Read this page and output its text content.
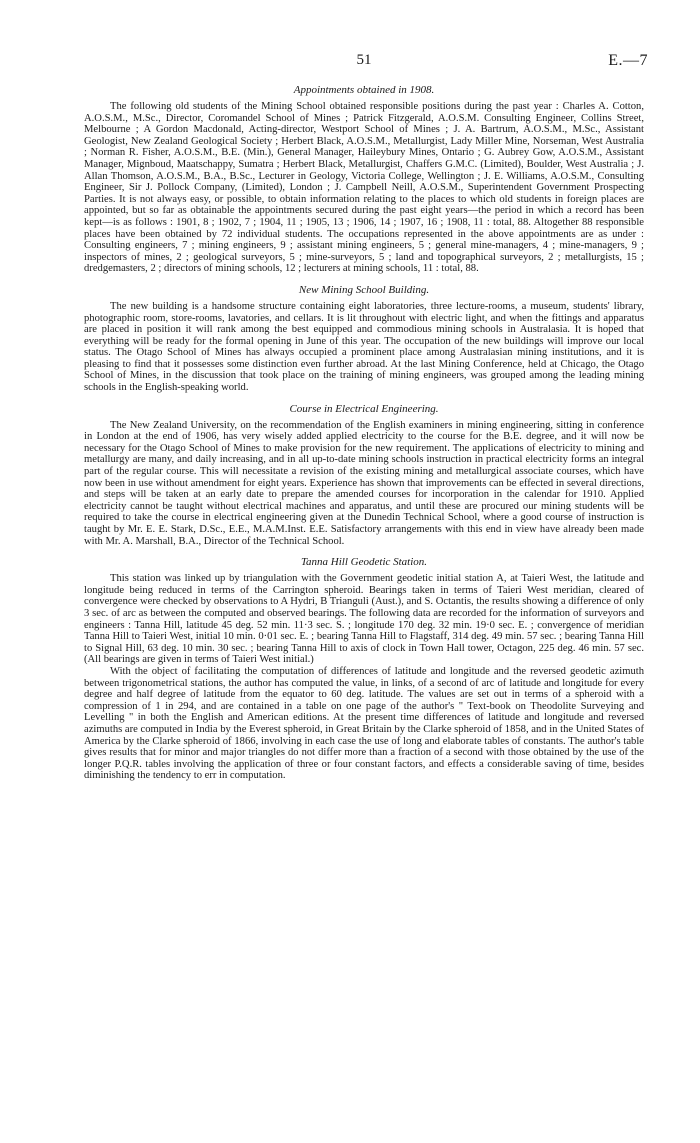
51	E.—7
Appointments obtained in 1908.

The following old students of the Mining School obtained responsible positions during the past year : Charles A. Cotton, A.O.S.M., M.Sc., Director, Coromandel School of Mines ; Patrick Fitzgerald, A.O.S.M. Consulting Engineer, Collins Street, Melbourne ; A Gordon Macdonald, Acting-director, Westport School of Mines ; J. A. Bartrum, A.O.S.M., M.Sc., Assistant Geologist, New Zealand Geological Society ; Herbert Black, A.O.S.M., Metallurgist, Lady Miller Mine, Norseman, West Australia ; Norman R. Fisher, A.O.S.M., B.E. (Min.), General Manager, Haileybury Mines, Ontario ; G. Aubrey Gow, A.O.S.M., Assistant Manager, Mignboud, Maatschappy, Sumatra ; Herbert Black, Metallurgist, Chaffers G.M.C. (Limited), Boulder, West Australia ; J. Allan Thomson, A.O.S.M., B.A., B.Sc., Lecturer in Geology, Victoria College, Wellington ; J. E. Williams, A.O.S.M., Consulting Engineer, Sir J. Pollock Company, (Limited), London ; J. Campbell Neill, A.O.S.M., Superintendent Government Prospecting Parties. It is not always easy, or possible, to obtain information relating to the places to which old students in foreign places are appointed, but so far as obtainable the appointments secured during the past eight years—the period in which a record has been kept—is as follows : 1901, 8 ; 1902, 7 ; 1904, 11 ; 1905, 13 ; 1906, 14 ; 1907, 16 ; 1908, 11 : total, 88. Altogether 88 responsible places have been obtained by 72 individual students. The occupations represented in the above appointments are as under : Consulting engineers, 7 ; mining engineers, 9 ; assistant mining engineers, 5 ; general mine-managers, 4 ; mine-managers, 9 ; inspectors of mines, 2 ; geological surveyors, 5 ; mine-surveyors, 5 ; land and topographical surveyors, 2 ; metallurgists, 15 ; dredgemasters, 2 ; directors of mining schools, 12 ; lecturers at mining schools, 11 : total, 88.

New Mining School Building.

The new building is a handsome structure containing eight laboratories, three lecture-rooms, a museum, students' library, photographic room, store-rooms, lavatories, and cellars. It is lit throughout with electric light, and when the fittings and apparatus are placed in position it will rank among the best equipped and commodious mining schools in Australasia. It is hoped that everything will be ready for the formal opening in June of this year. The occupation of the new buildings will improve our local status. The Otago School of Mines has always occupied a prominent place among Australasian mining institutions, and it is pleasing to find that it possesses some distinction even further abroad. At the last Mining Conference, held at Chicago, the Otago School of Mines, in the discussion that took place on the training of mining engineers, was grouped among the leading mining schools in the English-speaking world.

Course in Electrical Engineering.

The New Zealand University, on the recommendation of the English examiners in mining engineering, sitting in conference in London at the end of 1906, has very wisely added applied electricity to the course for the B.E. degree, and it will now be necessary for the Otago School of Mines to make provision for the new requirement. The applications of electricity to mining and metallurgy are many, and daily increasing, and in all up-to-date mining schools instruction in practical electricity forms an integral part of the regular course. This will necessitate a revision of the existing mining and metallurgical associate courses, which have now been in use without amendment for eight years. Experience has shown that improvements can be effected in several directions, and steps will be taken at an early date to prepare the amended courses for incorporation in the calendar for 1910. Applied electricity cannot be taught without electrical machines and apparatus, and until these are procured our mining students will be required to take the course in electrical engineering given at the Dunedin Technical School, where a good course of instruction is taught by Mr. E. E. Stark, D.Sc., E.E., M.A.M.Inst. E.E. Satisfactory arrangements with this end in view have already been made with Mr. A. Marshall, B.A., Director of the Technical School.

Tanna Hill Geodetic Station.

This station was linked up by triangulation with the Government geodetic initial station A, at Taieri West, the latitude and longitude being reduced in terms of the Carrington spheroid. Bearings taken in terms of Taieri West meridian, cleared of convergence were checked by observations to A Hydri, B Trianguli (Aust.), and S. Octantis, the results showing a difference of only 3 sec. of arc as between the computed and observed bearings. The following data are recorded for the information of surveyors and engineers : Tanna Hill, latitude 45 deg. 52 min. 11·3 sec. S. ; longitude 170 deg. 32 min. 19·0 sec. E. ; convergence of meridian Tanna Hill to Taieri West, initial 10 min. 0·01 sec. E. ; bearing Tanna Hill to Flagstaff, 314 deg. 49 min. 57 sec. ; bearing Tanna Hill to Signal Hill, 63 deg. 10 min. 30 sec. ; bearing Tanna Hill to axis of clock in Town Hall tower, Octagon, 225 deg. 46 min. 57 sec. (All bearings are given in terms of Taieri West initial.)

With the object of facilitating the computation of differences of latitude and longitude and the reversed geodetic azimuth between trigonometrical stations, the author has computed the value, in links, of a second of arc of latitude and longitude for every degree and half degree of latitude from the equator to 60 deg. latitude. The values are set out in terms of a spheroid with a compression of 1 in 294, and are contained in a table on one page of the author's " Text-book on Theodolite Surveying and Levelling " in both the English and American editions. At the present time differences of latitude and longitude and reversed azimuths are computed in India by the Everest spheroid, in Great Britain by the Clarke spheroid of 1858, and in the United States of America by the Clarke spheroid of 1866, involving in each case the use of long and elaborate tables of constants. The author's table gives results that for minor and major triangles do not differ more than a fraction of a second with those obtained by the use of the longer P.Q.R. tables involving the application of three or four constant factors, and effects a considerable saving of time, besides diminishing the tendency to err in computation.
